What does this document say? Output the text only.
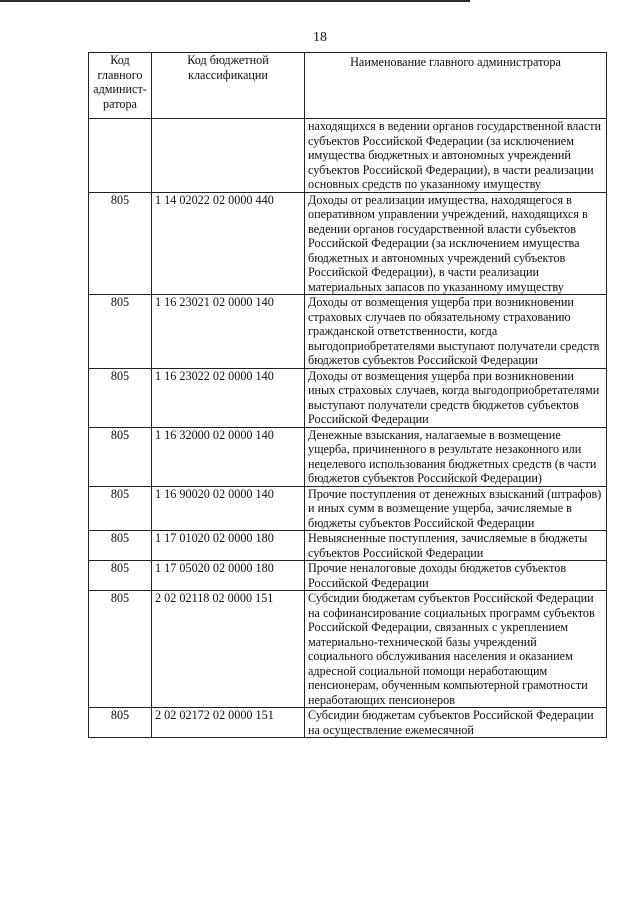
18
Код главного админист-ратора	Код бюджетной классификации	Наименование главного администратора
		находящихся в ведении органов государственной власти субъектов Российской Федерации (за исключением имущества бюджетных и автономных учреждений субъектов Российской Федерации), в части реализации основных средств по указанному имуществу
805	1 14 02022 02 0000 440	Доходы от реализации имущества, находящегося в оперативном управлении учреждений, находящихся в ведении органов государственной власти субъектов Российской Федерации (за исключением имущества бюджетных и автономных учреждений субъектов Российской Федерации), в части реализации материальных запасов по указанному имуществу
805	1 16 23021 02 0000 140	Доходы от возмещения ущерба при возникновении страховых случаев по обязательному страхованию гражданской ответственности, когда выгодоприобретателями выступают получатели средств бюджетов субъектов Российской Федерации
805	1 16 23022 02 0000 140	Доходы от возмещения ущерба при возникновении иных страховых случаев, когда выгодоприобретателями выступают получатели средств бюджетов субъектов Российской Федерации
805	1 16 32000 02 0000 140	Денежные взыскания, налагаемые в возмещение ущерба, причиненного в результате незаконного или нецелевого использования бюджетных средств (в части бюджетов субъектов Российской Федерации)
805	1 16 90020 02 0000 140	Прочие поступления от денежных взысканий (штрафов) и иных сумм в возмещение ущерба, зачисляемые в бюджеты субъектов Российской Федерации
805	1 17 01020 02 0000 180	Невыясненные поступления, зачисляемые в бюджеты субъектов Российской Федерации
805	1 17 05020 02 0000 180	Прочие неналоговые доходы бюджетов субъектов Российской Федерации
805	2 02 02118 02 0000 151	Субсидии бюджетам субъектов Российской Федерации на софинансирование социальных программ субъектов Российской Федерации, связанных с укреплением материально-технической базы учреждений социального обслуживания населения и оказанием адресной социальной помощи неработающим пенсионерам, обученным компьютерной грамотности неработающих пенсионеров
805	2 02 02172 02 0000 151	Субсидии бюджетам субъектов Российской Федерации на осуществление ежемесячной
